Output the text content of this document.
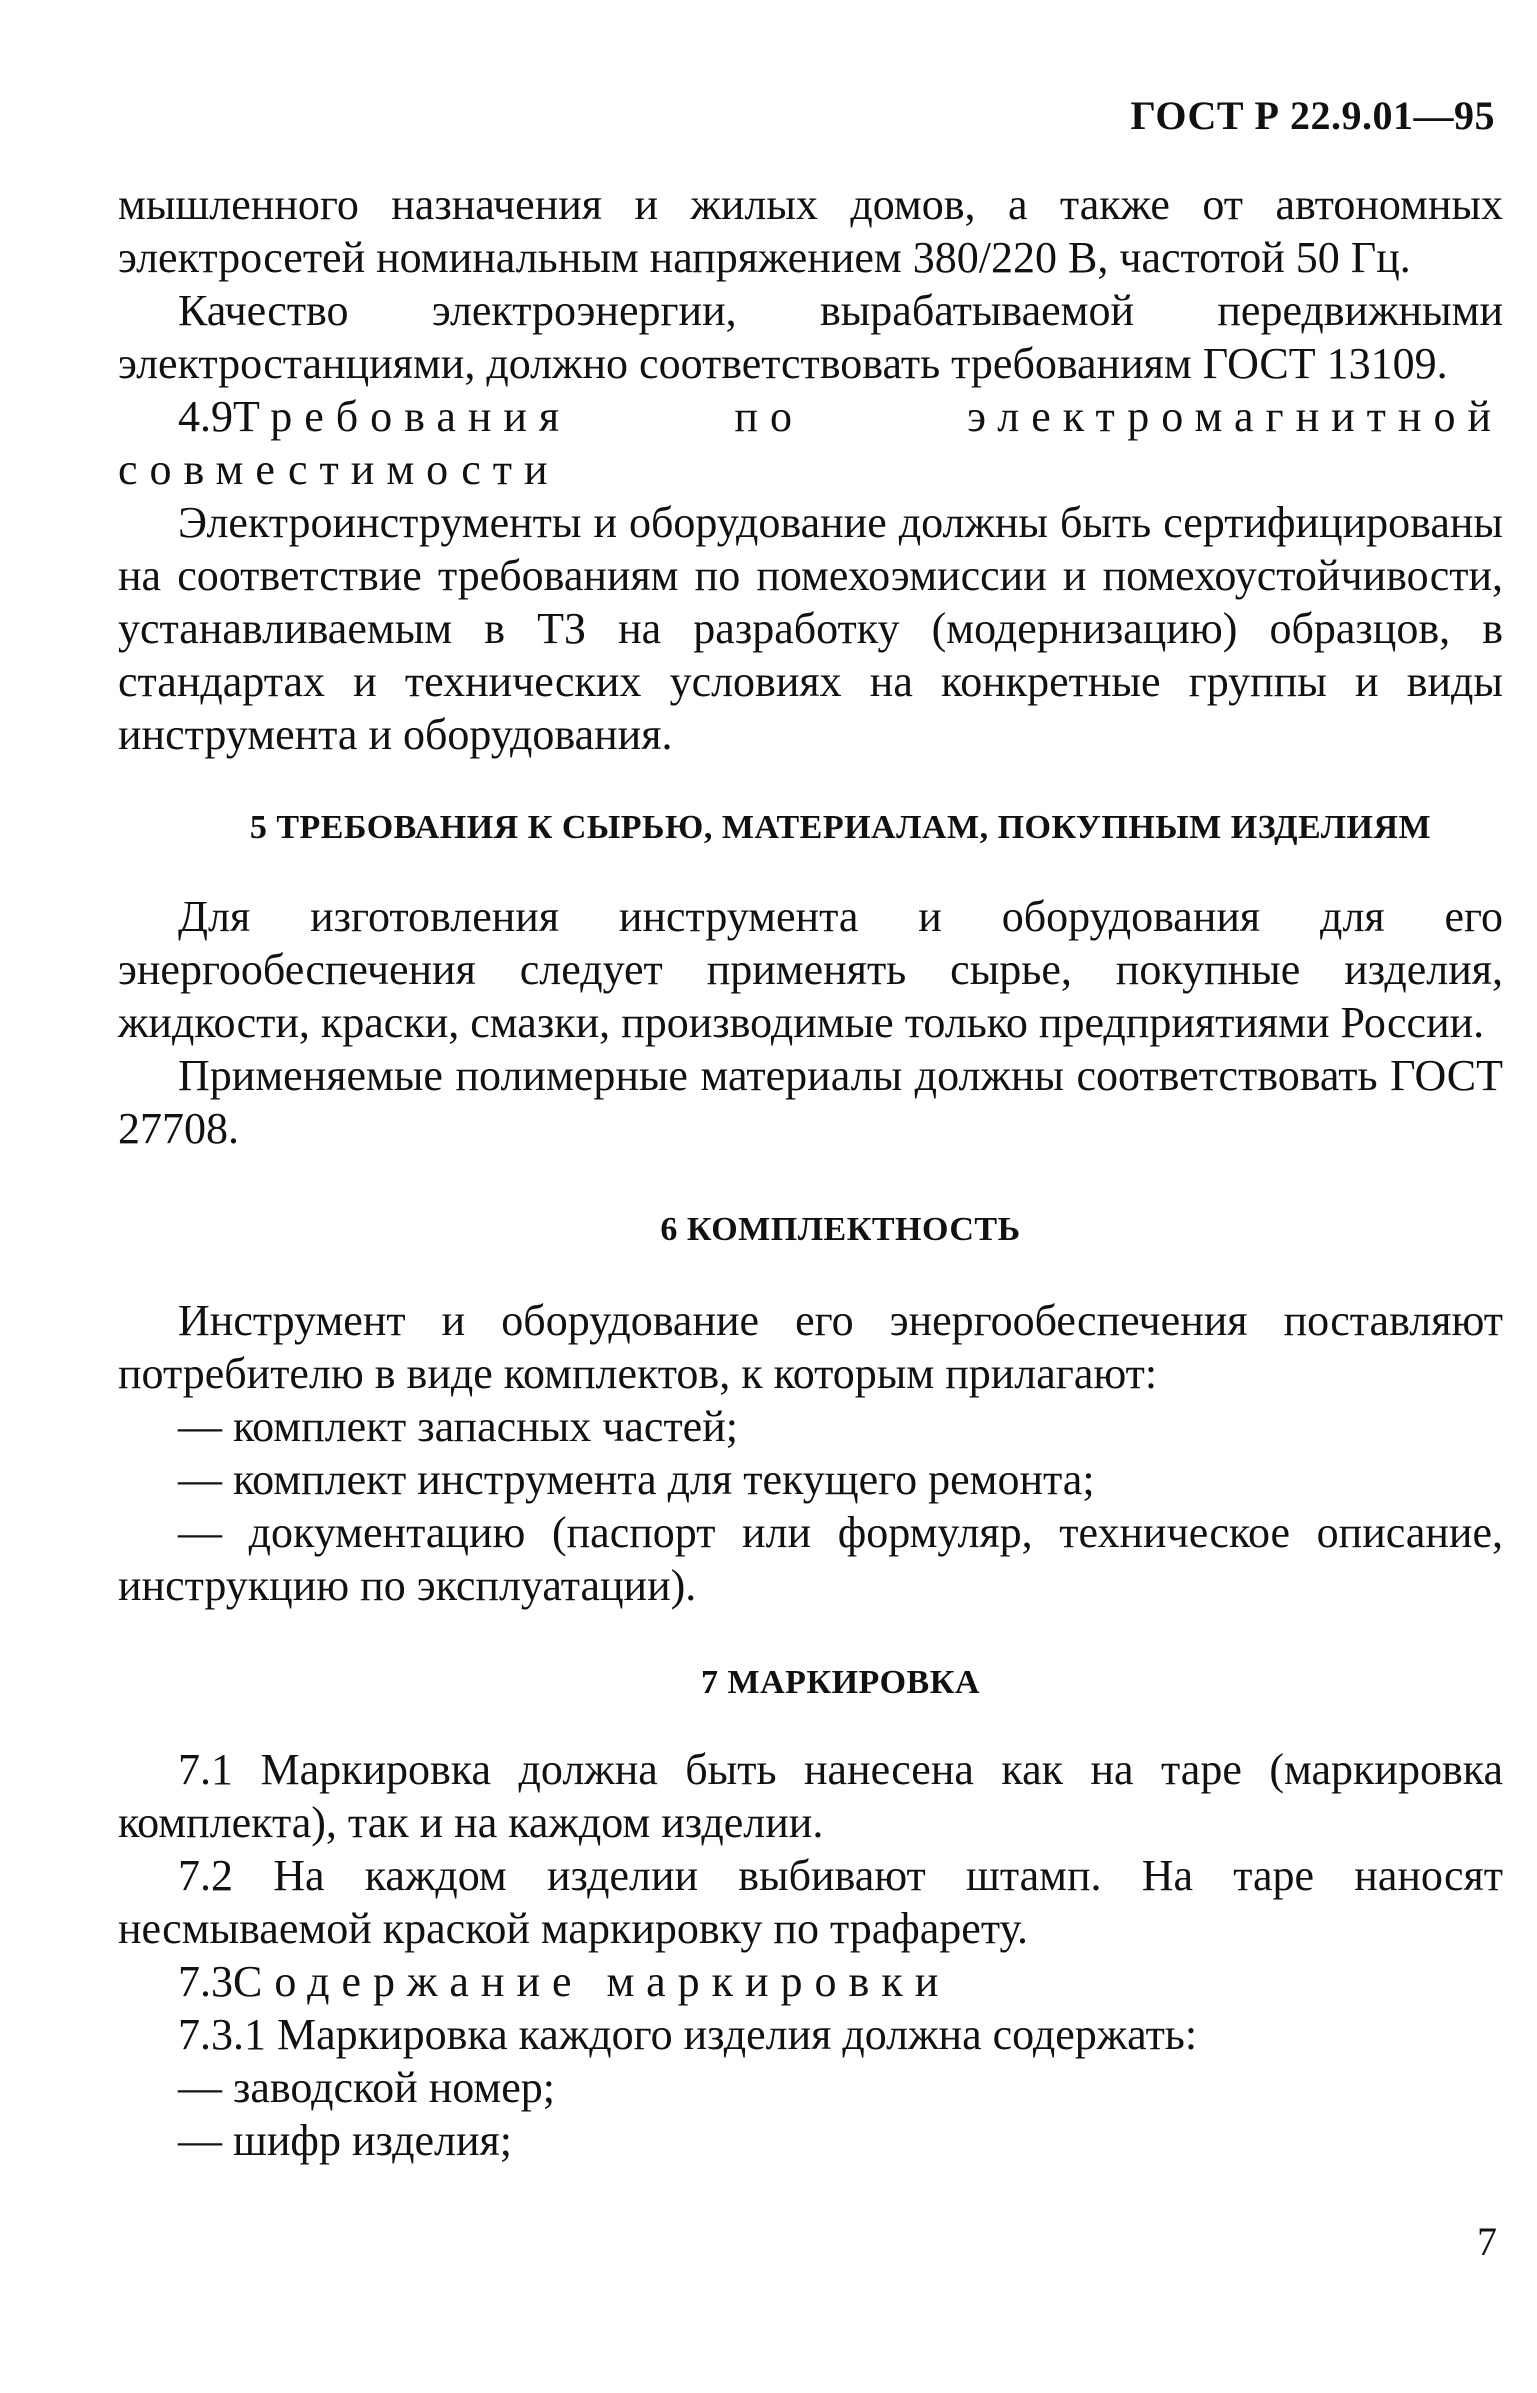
ГОСТ Р 22.9.01—95

мышленного назначения и жилых домов, а также от автономных электросетей номинальным напряжением 380/220 В, частотой 50 Гц.

Качество электроэнергии, вырабатываемой передвижными электростанциями, должно соответствовать требованиям ГОСТ 13109.

4.9Требования по электромагнитной совместимости

Электроинструменты и оборудование должны быть сертифицированы на соответствие требованиям по помехоэмиссии и помехоустойчивости, устанавливаемым в ТЗ на разработку (модернизацию) образцов, в стандартах и технических условиях на конкретные группы и виды инструмента и оборудования.

5 ТРЕБОВАНИЯ К СЫРЬЮ, МАТЕРИАЛАМ, ПОКУПНЫМ ИЗДЕЛИЯМ

Для изготовления инструмента и оборудования для его энергообеспечения следует применять сырье, покупные изделия, жидкости, краски, смазки, производимые только предприятиями России.

Применяемые полимерные материалы должны соответствовать ГОСТ 27708.

6 КОМПЛЕКТНОСТЬ

Инструмент и оборудование его энергообеспечения поставляют потребителю в виде комплектов, к которым прилагают:

— комплект запасных частей;

— комплект инструмента для текущего ремонта;

— документацию (паспорт или формуляр, техническое описание, инструкцию по эксплуатации).

7 МАРКИРОВКА

7.1 Маркировка должна быть нанесена как на таре (маркировка комплекта), так и на каждом изделии.

7.2 На каждом изделии выбивают штамп. На таре наносят несмываемой краской маркировку по трафарету.

7.3Содержание маркировки

7.3.1 Маркировка каждого изделия должна содержать:

— заводской номер;

— шифр изделия;

7
